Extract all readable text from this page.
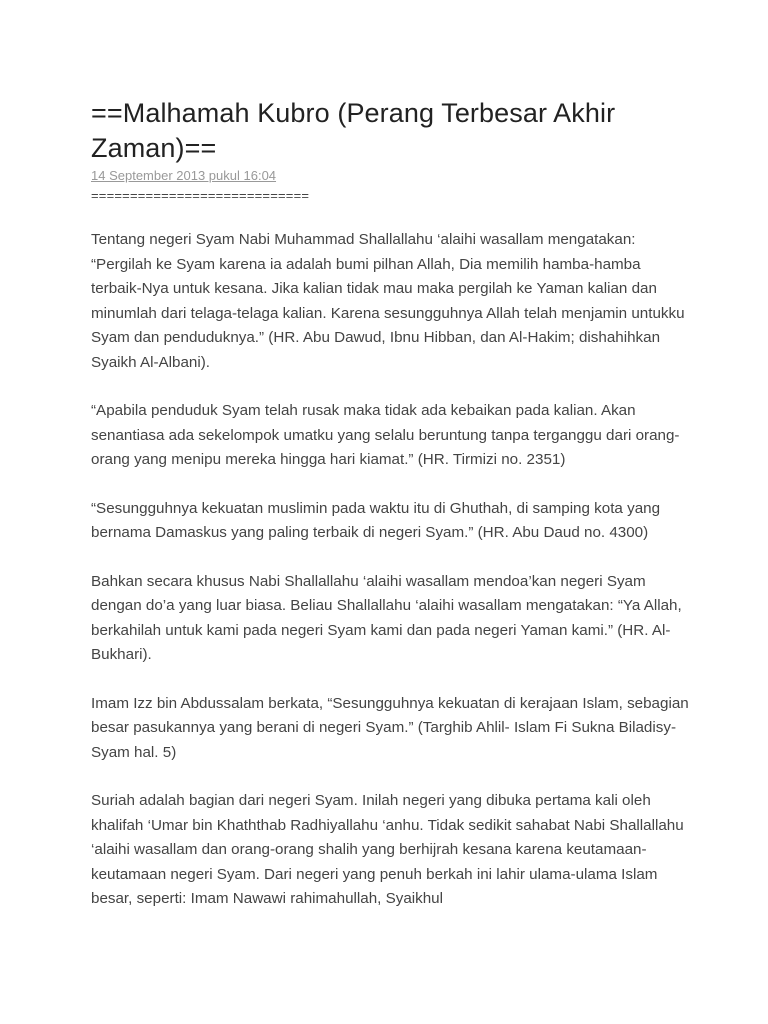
==Malhamah Kubro (Perang Terbesar Akhir Zaman)==
14 September 2013 pukul 16:04
============================

Tentang negeri Syam Nabi Muhammad Shallallahu ‘alaihi wasallam mengatakan: “Pergilah ke Syam karena ia adalah bumi pilhan Allah, Dia memilih hamba-hamba terbaik-Nya untuk kesana. Jika kalian tidak mau maka pergilah ke Yaman kalian dan minumlah dari telaga-telaga kalian. Karena sesungguhnya Allah telah menjamin untukku Syam dan penduduknya.” (HR. Abu Dawud, Ibnu Hibban, dan Al-Hakim; dishahihkan Syaikh Al-Albani).

“Apabila penduduk Syam telah rusak maka tidak ada kebaikan pada kalian. Akan senantiasa ada sekelompok umatku yang selalu beruntung tanpa terganggu dari orang-orang yang menipu mereka hingga hari kiamat.” (HR. Tirmizi no. 2351)

“Sesungguhnya kekuatan muslimin pada waktu itu di Ghuthah, di samping kota yang bernama Damaskus yang paling terbaik di negeri Syam.” (HR. Abu Daud no. 4300)

Bahkan secara khusus Nabi Shallallahu ‘alaihi wasallam mendoa’kan negeri Syam dengan do’a yang luar biasa. Beliau Shallallahu ‘alaihi wasallam mengatakan: “Ya Allah, berkahilah untuk kami pada negeri Syam kami dan pada negeri Yaman kami.” (HR. Al-Bukhari).

Imam Izz bin Abdussalam berkata, “Sesungguhnya kekuatan di kerajaan Islam, sebagian besar pasukannya yang berani di negeri Syam.” (Targhib Ahlil- Islam Fi Sukna Biladisy-Syam hal. 5)

Suriah adalah bagian dari negeri Syam. Inilah negeri yang dibuka pertama kali oleh khalifah ‘Umar bin Khaththab Radhiyallahu ‘anhu. Tidak sedikit sahabat Nabi Shallallahu ‘alaihi wasallam dan orang-orang shalih yang berhijrah kesana karena keutamaan-keutamaan negeri Syam. Dari negeri yang penuh berkah ini lahir ulama-ulama Islam besar, seperti: Imam Nawawi rahimahullah, Syaikhul
